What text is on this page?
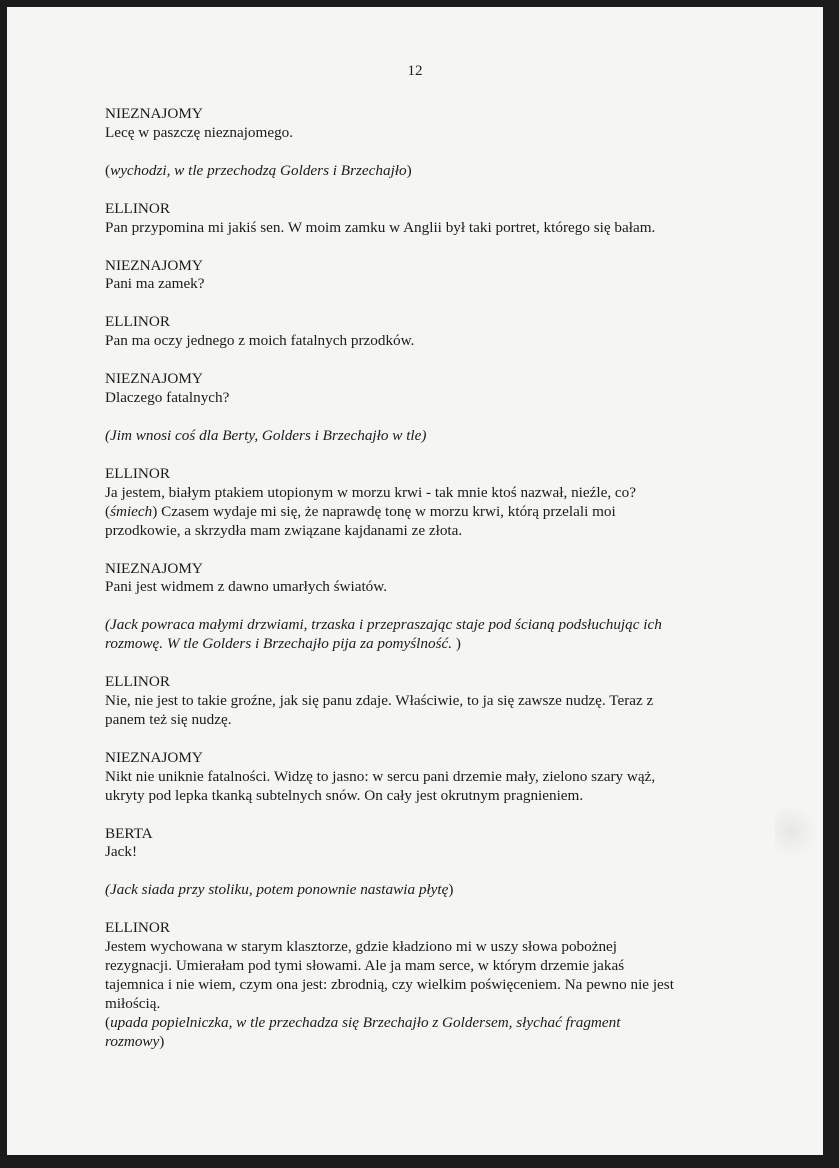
12
NIEZNAJOMY
Lecę w paszczę nieznajomego.
(wychodzi, w tle przechodzą Golders i Brzechajło)
ELLINOR
Pan przypomina mi jakiś sen. W moim zamku w Anglii był taki portret, którego się bałam.
NIEZNAJOMY
Pani ma zamek?
ELLINOR
Pan ma oczy jednego z moich fatalnych przodków.
NIEZNAJOMY
Dlaczego fatalnych?
(Jim wnosi coś dla Berty, Golders i Brzechajło w tle)
ELLINOR
Ja jestem, białym ptakiem utopionym w morzu krwi - tak mnie ktoś nazwał, nieźle, co?
(śmiech) Czasem wydaje mi się, że naprawdę tonę w morzu krwi, którą przelali moi
przodkowie, a skrzydła mam związane kajdanami ze złota.
NIEZNAJOMY
Pani jest widmem z dawno umarłych światów.
(Jack powraca małymi drzwiami, trzaska i przepraszając staje pod ścianą podsłuchując ich
rozmowę. W tle Golders i Brzechajło pija za pomyślność. )
ELLINOR
Nie, nie jest to takie groźne, jak się panu zdaje. Właściwie, to ja się zawsze nudzę. Teraz z
panem też się nudzę.
NIEZNAJOMY
Nikt nie uniknie fatalności. Widzę to jasno: w sercu pani drzemie mały, zielono szary wąż,
ukryty pod lepka tkanką subtelnych snów. On cały jest okrutnym pragnieniem.
BERTA
Jack!
(Jack siada przy stoliku, potem ponownie nastawia płytę)
ELLINOR
Jestem wychowana w starym klasztorze, gdzie kładziono mi w uszy słowa pobożnej
rezygnacji. Umierałam pod tymi słowami. Ale ja mam serce, w którym drzemie jakaś
tajemnica i nie wiem, czym ona jest: zbrodnią, czy wielkim poświęceniem. Na pewno nie jest
miłością.
(upada popielniczka, w tle przechadza się Brzechajło z Goldersem, słychać fragment
rozmowy)
